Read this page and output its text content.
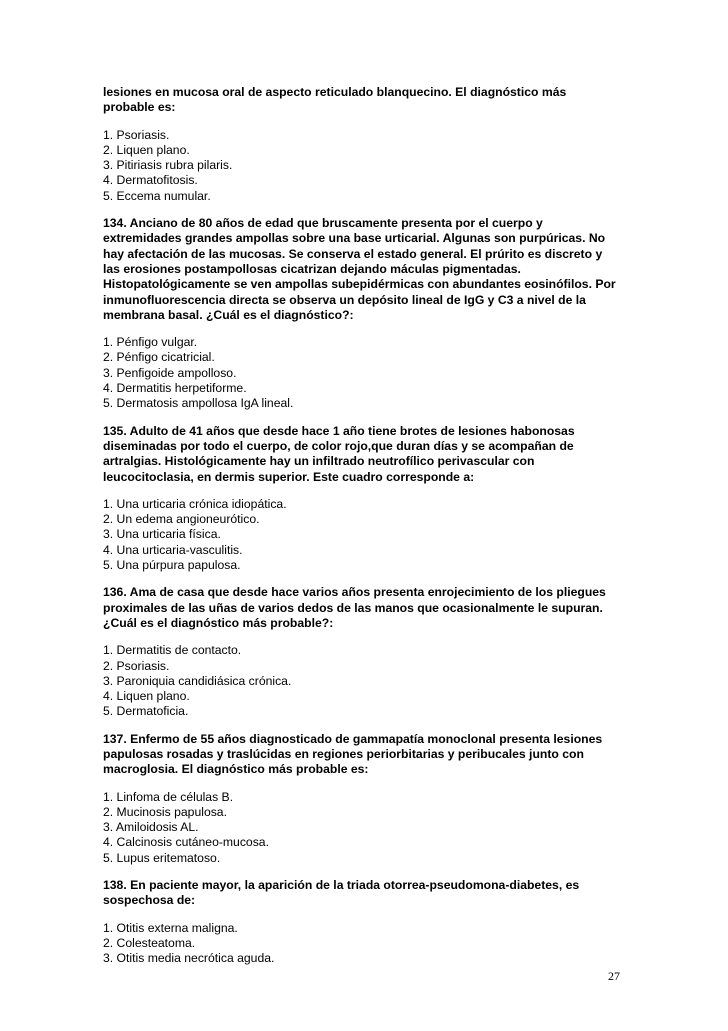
lesiones en mucosa oral de aspecto reticulado blanquecino. El diagnóstico más
probable es:

1. Psoriasis.
2. Liquen plano.
3. Pitiriasis rubra pilaris.
4. Dermatofitosis.
5. Eccema numular.

134. Anciano de 80 años de edad que bruscamente presenta por el cuerpo y
extremidades grandes ampollas sobre una base urticarial. Algunas son purpúricas. No
hay afectación de las mucosas. Se conserva el estado general. El prúrito es discreto y
las erosiones postampollosas cicatrizan dejando máculas pigmentadas.
Histopatológicamente se ven ampollas subepidérmicas con abundantes eosinófilos. Por
inmunofluorescencia directa se observa un depósito lineal de IgG y C3 a nivel de la
membrana basal. ¿Cuál es el diagnóstico?:

1. Pénfigo vulgar.
2. Pénfigo cicatricial.
3. Penfigoide ampolloso.
4. Dermatitis herpetiforme.
5. Dermatosis ampollosa IgA lineal.

135. Adulto de 41 años que desde hace 1 año tiene brotes de lesiones habonosas
diseminadas por todo el cuerpo, de color rojo,que duran días y se acompañan de
artralgias. Histológicamente hay un infiltrado neutrofílico perivascular con
leucocitoclasia, en dermis superior. Este cuadro corresponde a:

1. Una urticaria crónica idiopática.
2. Un edema angioneurótico.
3. Una urticaria física.
4. Una urticaria-vasculitis.
5. Una púrpura papulosa.

136. Ama de casa que desde hace varios años presenta enrojecimiento de los pliegues
proximales de las uñas de varios dedos de las manos que ocasionalmente le supuran.
¿Cuál es el diagnóstico más probable?:

1. Dermatitis de contacto.
2. Psoriasis.
3. Paroniquia candidiásica crónica.
4. Liquen plano.
5. Dermatoficia.

137. Enfermo de 55 años diagnosticado de gammapatía monoclonal presenta lesiones
papulosas rosadas y traslúcidas en regiones periorbitarias y peribucales junto con
macroglosia. El diagnóstico más probable es:

1. Linfoma de células B.
2. Mucinosis papulosa.
3. Amiloidosis AL.
4. Calcinosis cutáneo-mucosa.
5. Lupus eritematoso.

138. En paciente mayor, la aparición de la triada otorrea-pseudomona-diabetes, es
sospechosa de:

1. Otitis externa maligna.
2. Colesteatoma.
3. Otitis media necrótica aguda.
27
